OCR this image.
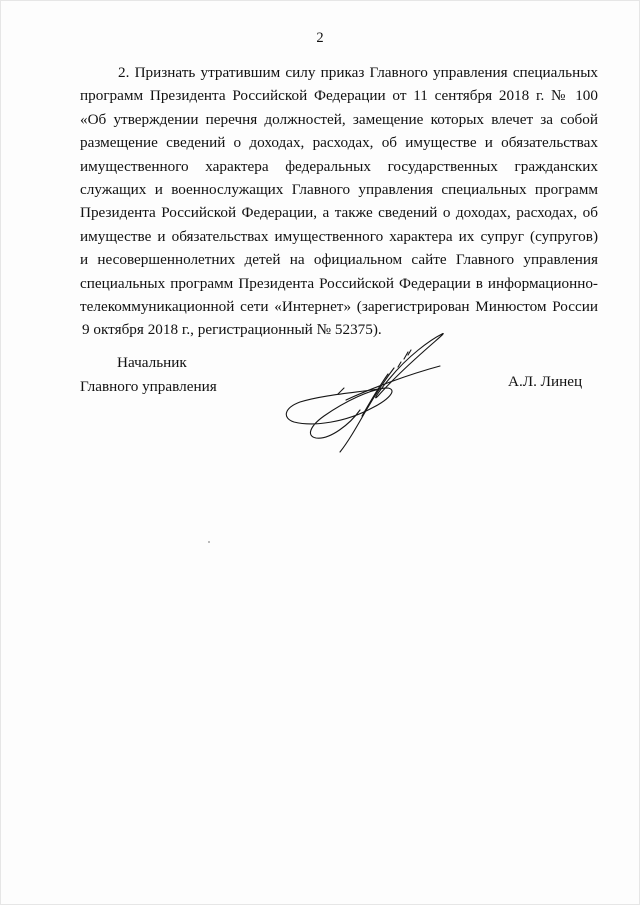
2
2. Признать утратившим силу приказ Главного управления специальных
программ Президента Российской Федерации от 11 сентября 2018 г. № 100
«Об утверждении перечня должностей, замещение которых влечет за собой
размещение сведений о доходах, расходах, об имуществе и обязательствах
имущественного характера федеральных государственных гражданских
служащих и военнослужащих Главного управления специальных программ
Президента Российской Федерации, а также сведений о доходах, расходах, об
имуществе и обязательствах имущественного характера их супруг (супругов)
и несовершеннолетних детей на официальном сайте Главного управления
специальных программ Президента Российской Федерации в информационно-
телекоммуникационной сети «Интернет» (зарегистрирован Минюстом России
9 октября 2018 г., регистрационный № 52375).
Начальник
Главного управления	А.Л. Линец
